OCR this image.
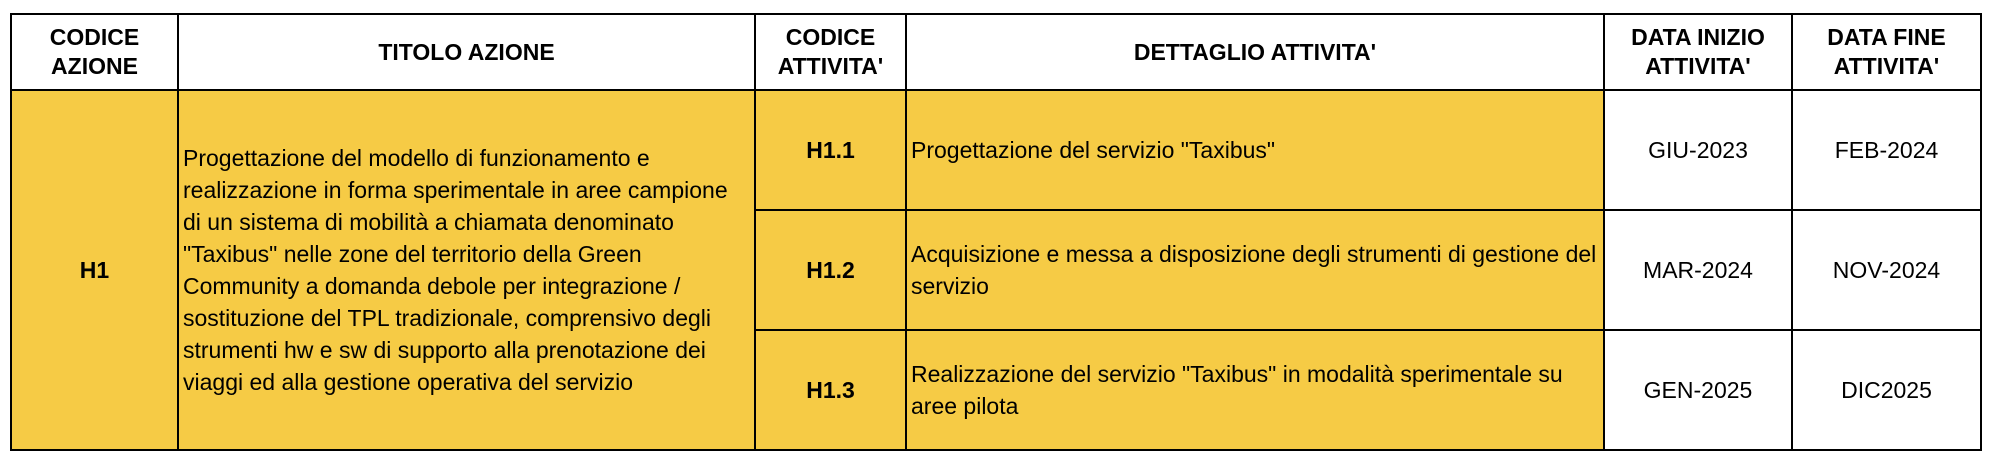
CODICE AZIONE	TITOLO AZIONE	CODICE ATTIVITA'	DETTAGLIO ATTIVITA'	DATA INIZIO ATTIVITA'	DATA FINE ATTIVITA'
H1	Progettazione del modello di funzionamento e realizzazione in forma sperimentale in aree campione di un sistema di mobilità a chiamata denominato "Taxibus" nelle zone del territorio della Green Community a domanda debole per integrazione / sostituzione del TPL tradizionale, comprensivo degli strumenti hw e sw di supporto alla prenotazione dei viaggi ed alla gestione operativa del servizio	H1.1	Progettazione del servizio "Taxibus"	GIU-2023	FEB-2024
		H1.2	Acquisizione e messa a disposizione degli strumenti di gestione del servizio	MAR-2024	NOV-2024
		H1.3	Realizzazione del servizio "Taxibus" in modalità sperimentale su aree pilota	GEN-2025	DIC2025
